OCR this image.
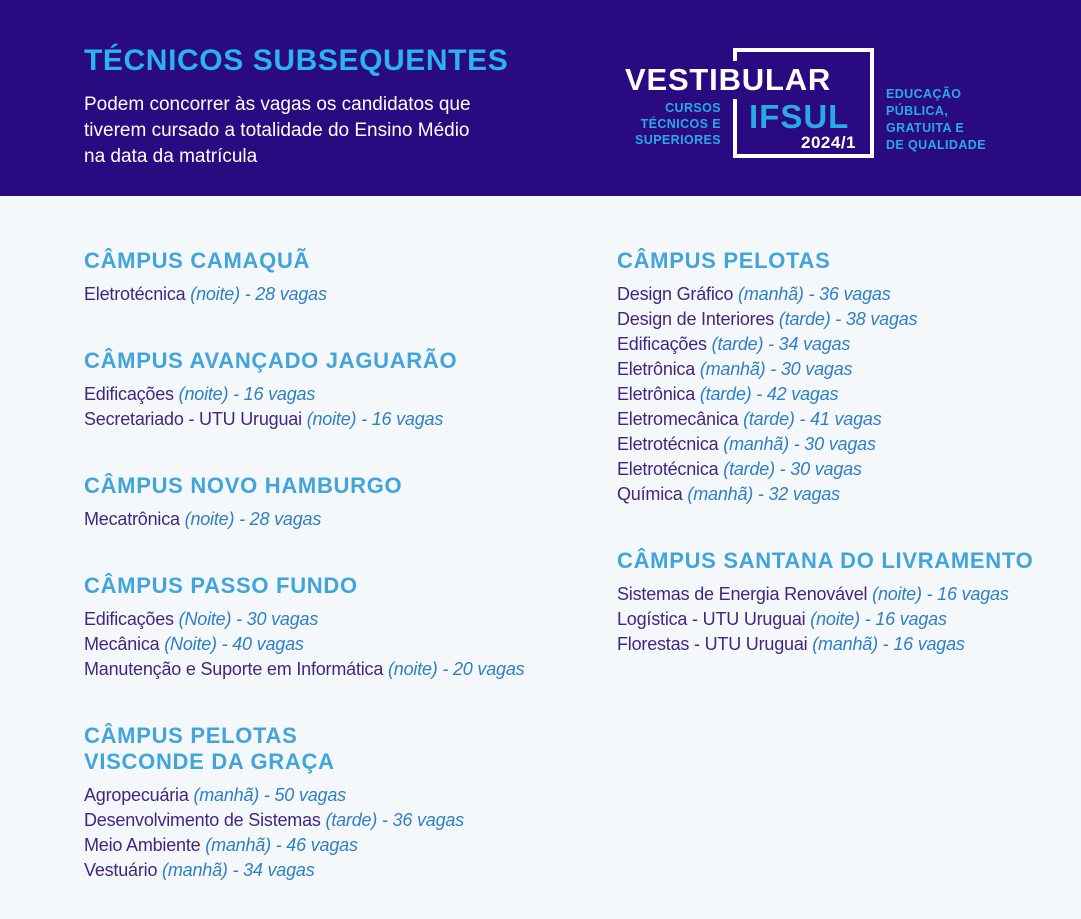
TÉCNICOS SUBSEQUENTES
Podem concorrer às vagas os candidatos que
tiverem cursado a totalidade do Ensino Médio
na data da matrícula
CURSOS
TÉCNICOS E
SUPERIORES
VESTIBULAR
IFSUL
2024/1
EDUCAÇÃO
PÚBLICA,
GRATUITA E
DE QUALIDADE
CÂMPUS CAMAQUÃ
Eletrotécnica (noite) - 28 vagas
CÂMPUS AVANÇADO JAGUARÃO
Edificações (noite) - 16 vagas
Secretariado - UTU Uruguai (noite) - 16 vagas
CÂMPUS NOVO HAMBURGO
Mecatrônica (noite) - 28 vagas
CÂMPUS PASSO FUNDO
Edificações (Noite) - 30 vagas
Mecânica (Noite) - 40 vagas
Manutenção e Suporte em Informática (noite) - 20 vagas
CÂMPUS PELOTAS
VISCONDE DA GRAÇA
Agropecuária (manhã) - 50 vagas
Desenvolvimento de Sistemas (tarde) - 36 vagas
Meio Ambiente (manhã) - 46 vagas
Vestuário (manhã) - 34 vagas
CÂMPUS PELOTAS
Design Gráfico (manhã) - 36 vagas
Design de Interiores (tarde) - 38 vagas
Edificações (tarde) - 34 vagas
Eletrônica (manhã) - 30 vagas
Eletrônica (tarde) - 42 vagas
Eletromecânica (tarde) - 41 vagas
Eletrotécnica (manhã) - 30 vagas
Eletrotécnica (tarde) - 30 vagas
Química (manhã) - 32 vagas
CÂMPUS SANTANA DO LIVRAMENTO
Sistemas de Energia Renovável (noite) - 16 vagas
Logística - UTU Uruguai (noite) - 16 vagas
Florestas - UTU Uruguai (manhã) - 16 vagas
